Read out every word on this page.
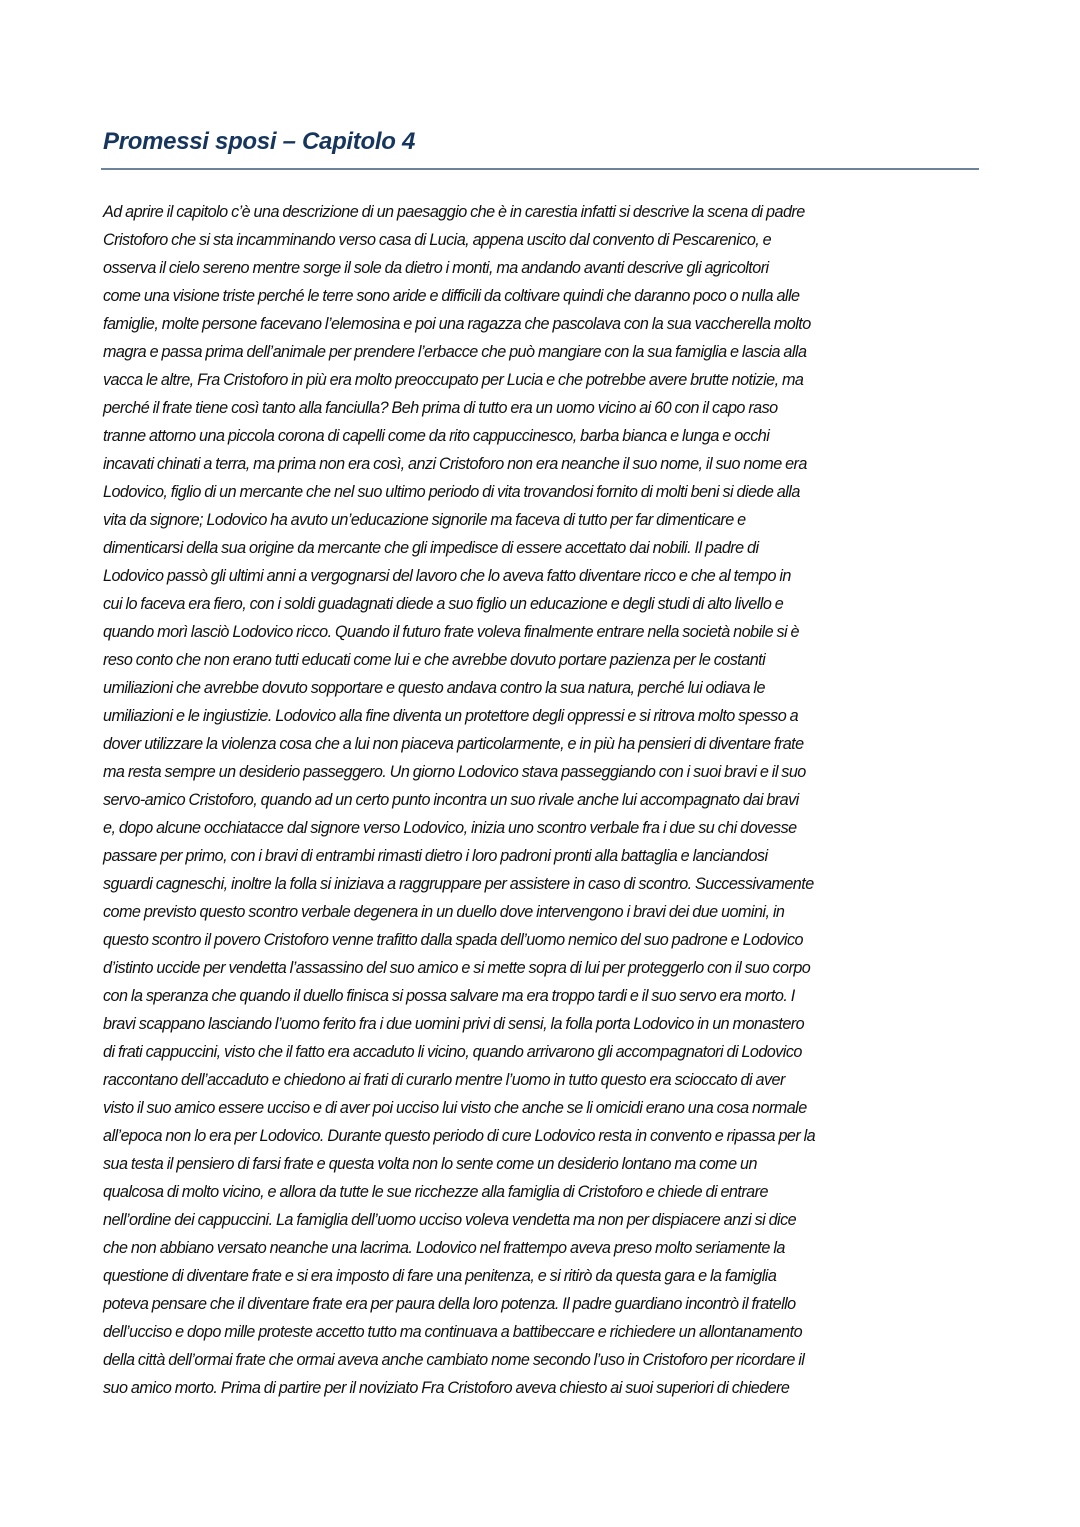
Promessi sposi – Capitolo 4
Ad aprire il capitolo c’è una descrizione di un paesaggio che è in carestia infatti si descrive la scena di padre
Cristoforo che si sta incamminando verso casa di Lucia, appena uscito dal convento di Pescarenico, e
osserva il cielo sereno mentre sorge il sole da dietro i monti, ma andando avanti descrive gli agricoltori
come una visione triste perché le terre sono aride e difficili da coltivare quindi che daranno poco o nulla alle
famiglie, molte persone facevano l’elemosina e poi una ragazza che pascolava con la sua vaccherella molto
magra e passa prima dell’animale per prendere l’erbacce che può mangiare con la sua famiglia e lascia alla
vacca le altre, Fra Cristoforo in più era molto preoccupato per Lucia e che potrebbe avere brutte notizie, ma
perché il frate tiene così tanto alla fanciulla? Beh prima di tutto era un uomo vicino ai 60 con il capo raso
tranne attorno una piccola corona di capelli come da rito cappuccinesco, barba bianca e lunga e occhi
incavati chinati a terra, ma prima non era così, anzi Cristoforo non era neanche il suo nome, il suo nome era
Lodovico, figlio di un mercante che nel suo ultimo periodo di vita trovandosi fornito di molti beni si diede alla
vita da signore; Lodovico ha avuto un’educazione signorile ma faceva di tutto per far dimenticare e
dimenticarsi della sua origine da mercante che gli impedisce di essere accettato dai nobili. Il padre di
Lodovico passò gli ultimi anni a vergognarsi del lavoro che lo aveva fatto diventare ricco e che al tempo in
cui lo faceva era fiero, con i soldi guadagnati diede a suo figlio un educazione e degli studi di alto livello e
quando morì lasciò Lodovico ricco. Quando il futuro frate voleva finalmente entrare nella società nobile si è
reso conto che non erano tutti educati come lui e che avrebbe dovuto portare pazienza per le costanti
umiliazioni che avrebbe dovuto sopportare e questo andava contro la sua natura, perché lui odiava le
umiliazioni e le ingiustizie. Lodovico alla fine diventa un protettore degli oppressi e si ritrova molto spesso a
dover utilizzare la violenza cosa che a lui non piaceva particolarmente, e in più ha pensieri di diventare frate
ma resta sempre un desiderio passeggero. Un giorno Lodovico stava passeggiando con i suoi bravi e il suo
servo-amico Cristoforo, quando ad un certo punto incontra un suo rivale anche lui accompagnato dai bravi
e, dopo alcune occhiatacce dal signore verso Lodovico, inizia uno scontro verbale fra i due su chi dovesse
passare per primo, con i bravi di entrambi rimasti dietro i loro padroni pronti alla battaglia e lanciandosi
sguardi cagneschi, inoltre la folla si iniziava a raggruppare per assistere in caso di scontro. Successivamente
come previsto questo scontro verbale degenera in un duello dove intervengono i bravi dei due uomini, in
questo scontro il povero Cristoforo venne trafitto dalla spada dell’uomo nemico del suo padrone e Lodovico
d’istinto uccide per vendetta l’assassino del suo amico e si mette sopra di lui per proteggerlo con il suo corpo
con la speranza che quando il duello finisca si possa salvare ma era troppo tardi e il suo servo era morto. I
bravi scappano lasciando l’uomo ferito fra i due uomini privi di sensi, la folla porta Lodovico in un monastero
di frati cappuccini, visto che il fatto era accaduto li vicino, quando arrivarono gli accompagnatori di Lodovico
raccontano dell’accaduto e chiedono ai frati di curarlo mentre l’uomo in tutto questo era scioccato di aver
visto il suo amico essere ucciso e di aver poi ucciso lui visto che anche se li omicidi erano una cosa normale
all’epoca non lo era per Lodovico. Durante questo periodo di cure Lodovico resta in convento e ripassa per la
sua testa il pensiero di farsi frate e questa volta non lo sente come un desiderio lontano ma come un
qualcosa di molto vicino, e allora da tutte le sue ricchezze alla famiglia di Cristoforo e chiede di entrare
nell’ordine dei cappuccini. La famiglia dell’uomo ucciso voleva vendetta ma non per dispiacere anzi si dice
che non abbiano versato neanche una lacrima. Lodovico nel frattempo aveva preso molto seriamente la
questione di diventare frate e si era imposto di fare una penitenza, e si ritirò da questa gara e la famiglia
poteva pensare che il diventare frate era per paura della loro potenza. Il padre guardiano incontrò il fratello
dell’ucciso e dopo mille proteste accetto tutto ma continuava a battibeccare e richiedere un allontanamento
della città dell’ormai frate che ormai aveva anche cambiato nome secondo l’uso in Cristoforo per ricordare il
suo amico morto. Prima di partire per il noviziato Fra Cristoforo aveva chiesto ai suoi superiori di chiedere
